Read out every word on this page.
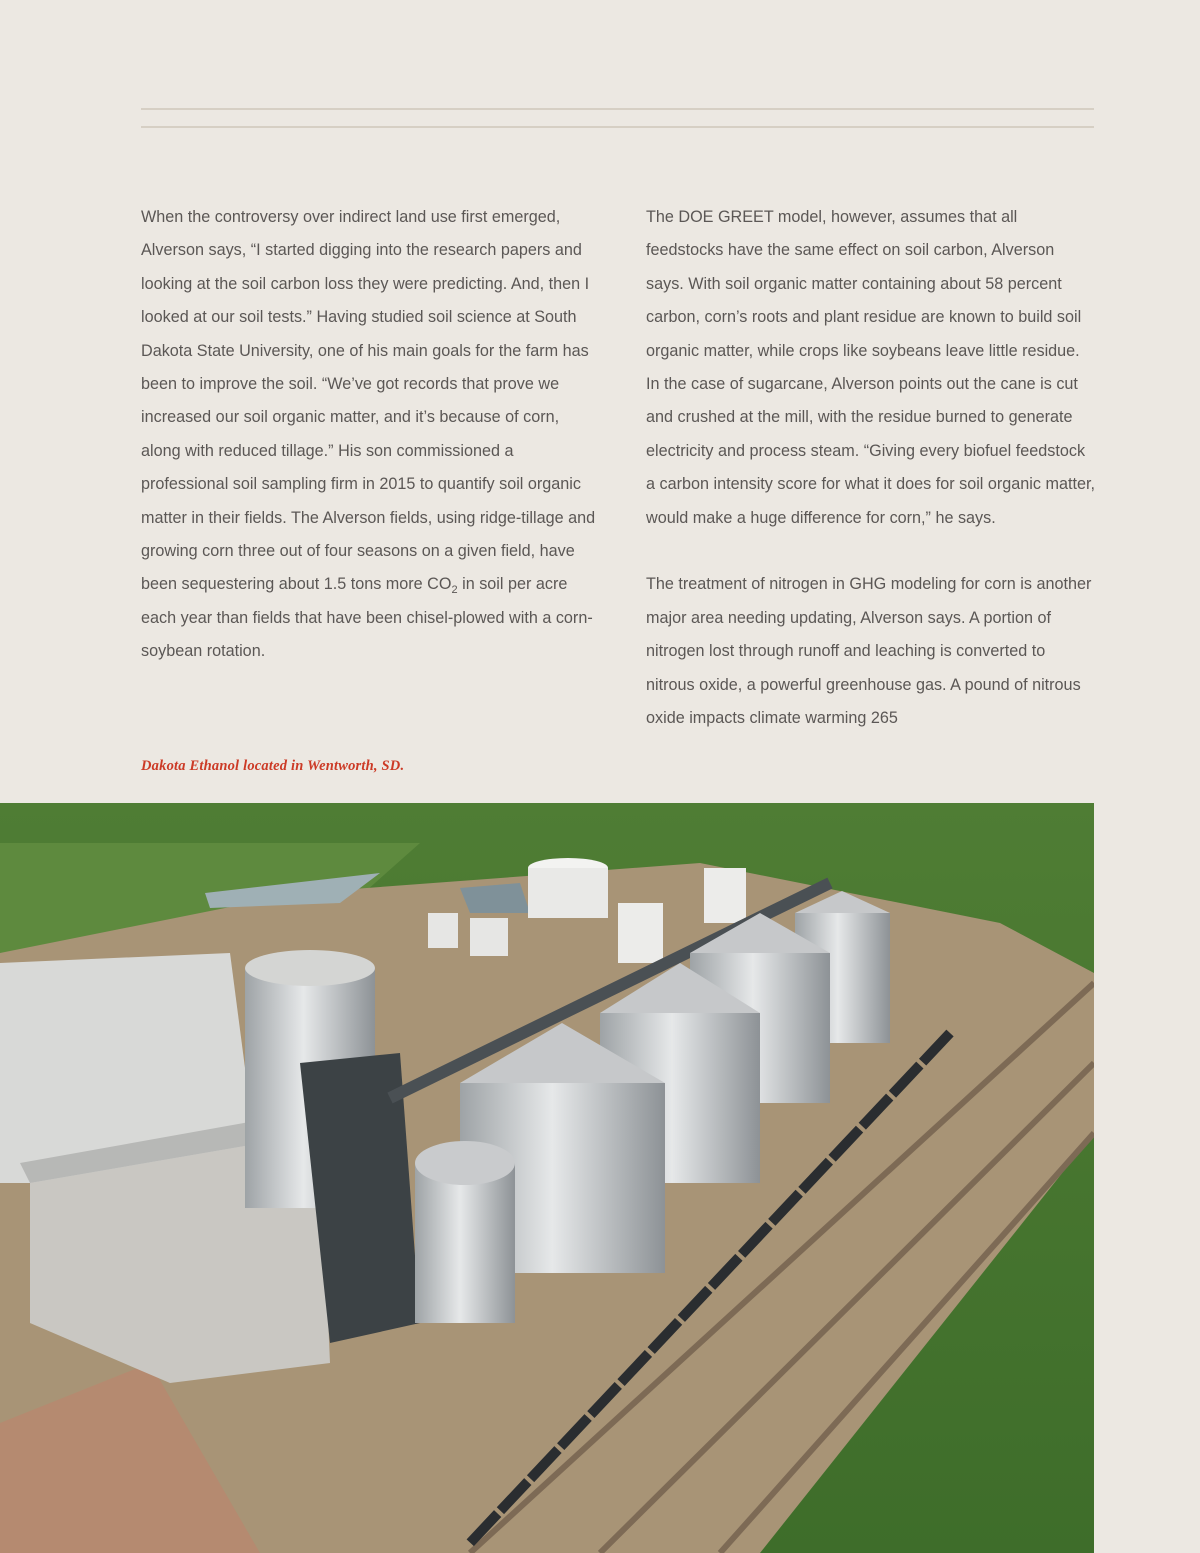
When the controversy over indirect land use first emerged, Alverson says, “I started digging into the research papers and looking at the soil carbon loss they were predicting. And, then I looked at our soil tests.” Having studied soil science at South Dakota State University, one of his main goals for the farm has been to improve the soil. “We’ve got records that prove we increased our soil organic matter, and it’s because of corn, along with reduced tillage.” His son commissioned a professional soil sampling firm in 2015 to quantify soil organic matter in their fields. The Alverson fields, using ridge-tillage and growing corn three out of four seasons on a given field, have been sequestering about 1.5 tons more $CO_2$ in soil per acre each year than fields that have been chisel-plowed with a corn-soybean rotation.

The DOE GREET model, however, assumes that all feedstocks have the same effect on soil carbon, Alverson says. With soil organic matter containing about 58 percent carbon, corn’s roots and plant residue are known to build soil organic matter, while crops like soybeans leave little residue. In the case of sugarcane, Alverson points out the cane is cut and crushed at the mill, with the residue burned to generate electricity and process steam. “Giving every biofuel feedstock a carbon intensity score for what it does for soil organic matter, would make a huge difference for corn,” he says.

The treatment of nitrogen in GHG modeling for corn is another major area needing updating, Alverson says. A portion of nitrogen lost through runoff and leaching is converted to nitrous oxide, a powerful greenhouse gas. A pound of nitrous oxide impacts climate warming 265

Dakota Ethanol located in Wentworth, SD.
